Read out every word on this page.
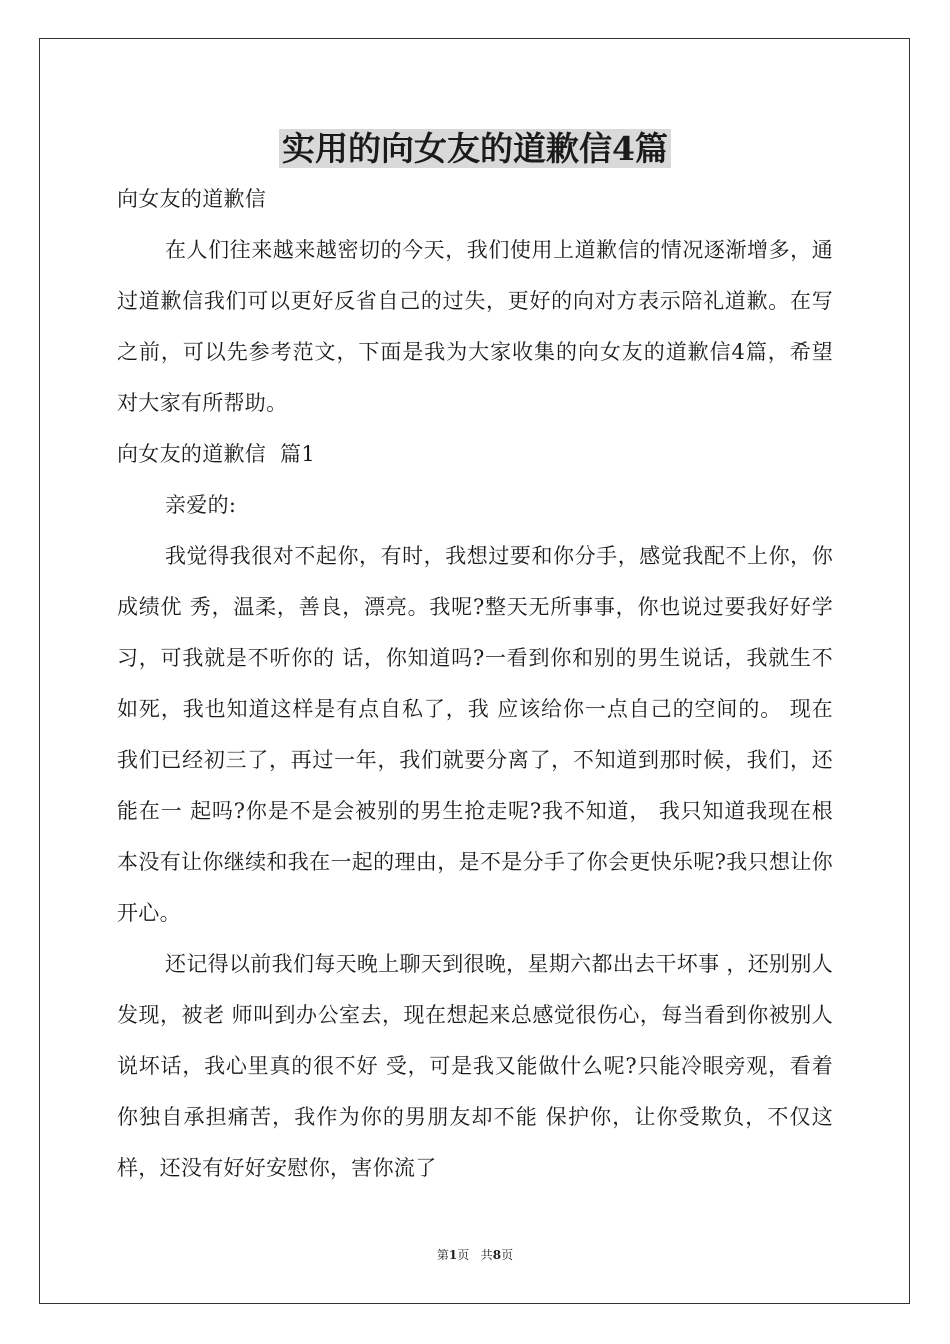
实用的向女友的道歉信4篇

向女友的道歉信

在人们往来越来越密切的今天，我们使用上道歉信的情况逐渐增多，通过道歉信我们可以更好反省自己的过失，更好的向对方表示陪礼道歉。在写之前，可以先参考范文，下面是我为大家收集的向女友的道歉信4篇，希望对大家有所帮助。

向女友的道歉信  篇1

亲爱的:

我觉得我很对不起你，有时，我想过要和你分手，感觉我配不上你，你成绩优 秀，温柔，善良，漂亮。我呢?整天无所事事，你也说过要我好好学习，可我就是不听你的 话，你知道吗?一看到你和别的男生说话，我就生不如死，我也知道这样是有点自私了，我 应该给你一点自己的空间的。 现在我们已经初三了，再过一年，我们就要分离了，不知道到那时候，我们，还能在一 起吗?你是不是会被别的男生抢走呢?我不知道， 我只知道我现在根本没有让你继续和我在一起的理由，是不是分手了你会更快乐呢?我只想让你开心。

还记得以前我们每天晚上聊天到很晚，星期六都出去干坏事 ，还别别人发现，被老 师叫到办公室去，现在想起来总感觉很伤心，每当看到你被别人说坏话，我心里真的很不好 受，可是我又能做什么呢?只能冷眼旁观，看着你独自承担痛苦，我作为你的男朋友却不能 保护你，让你受欺负，不仅这样，还没有好好安慰你，害你流了

第1页   共8页
